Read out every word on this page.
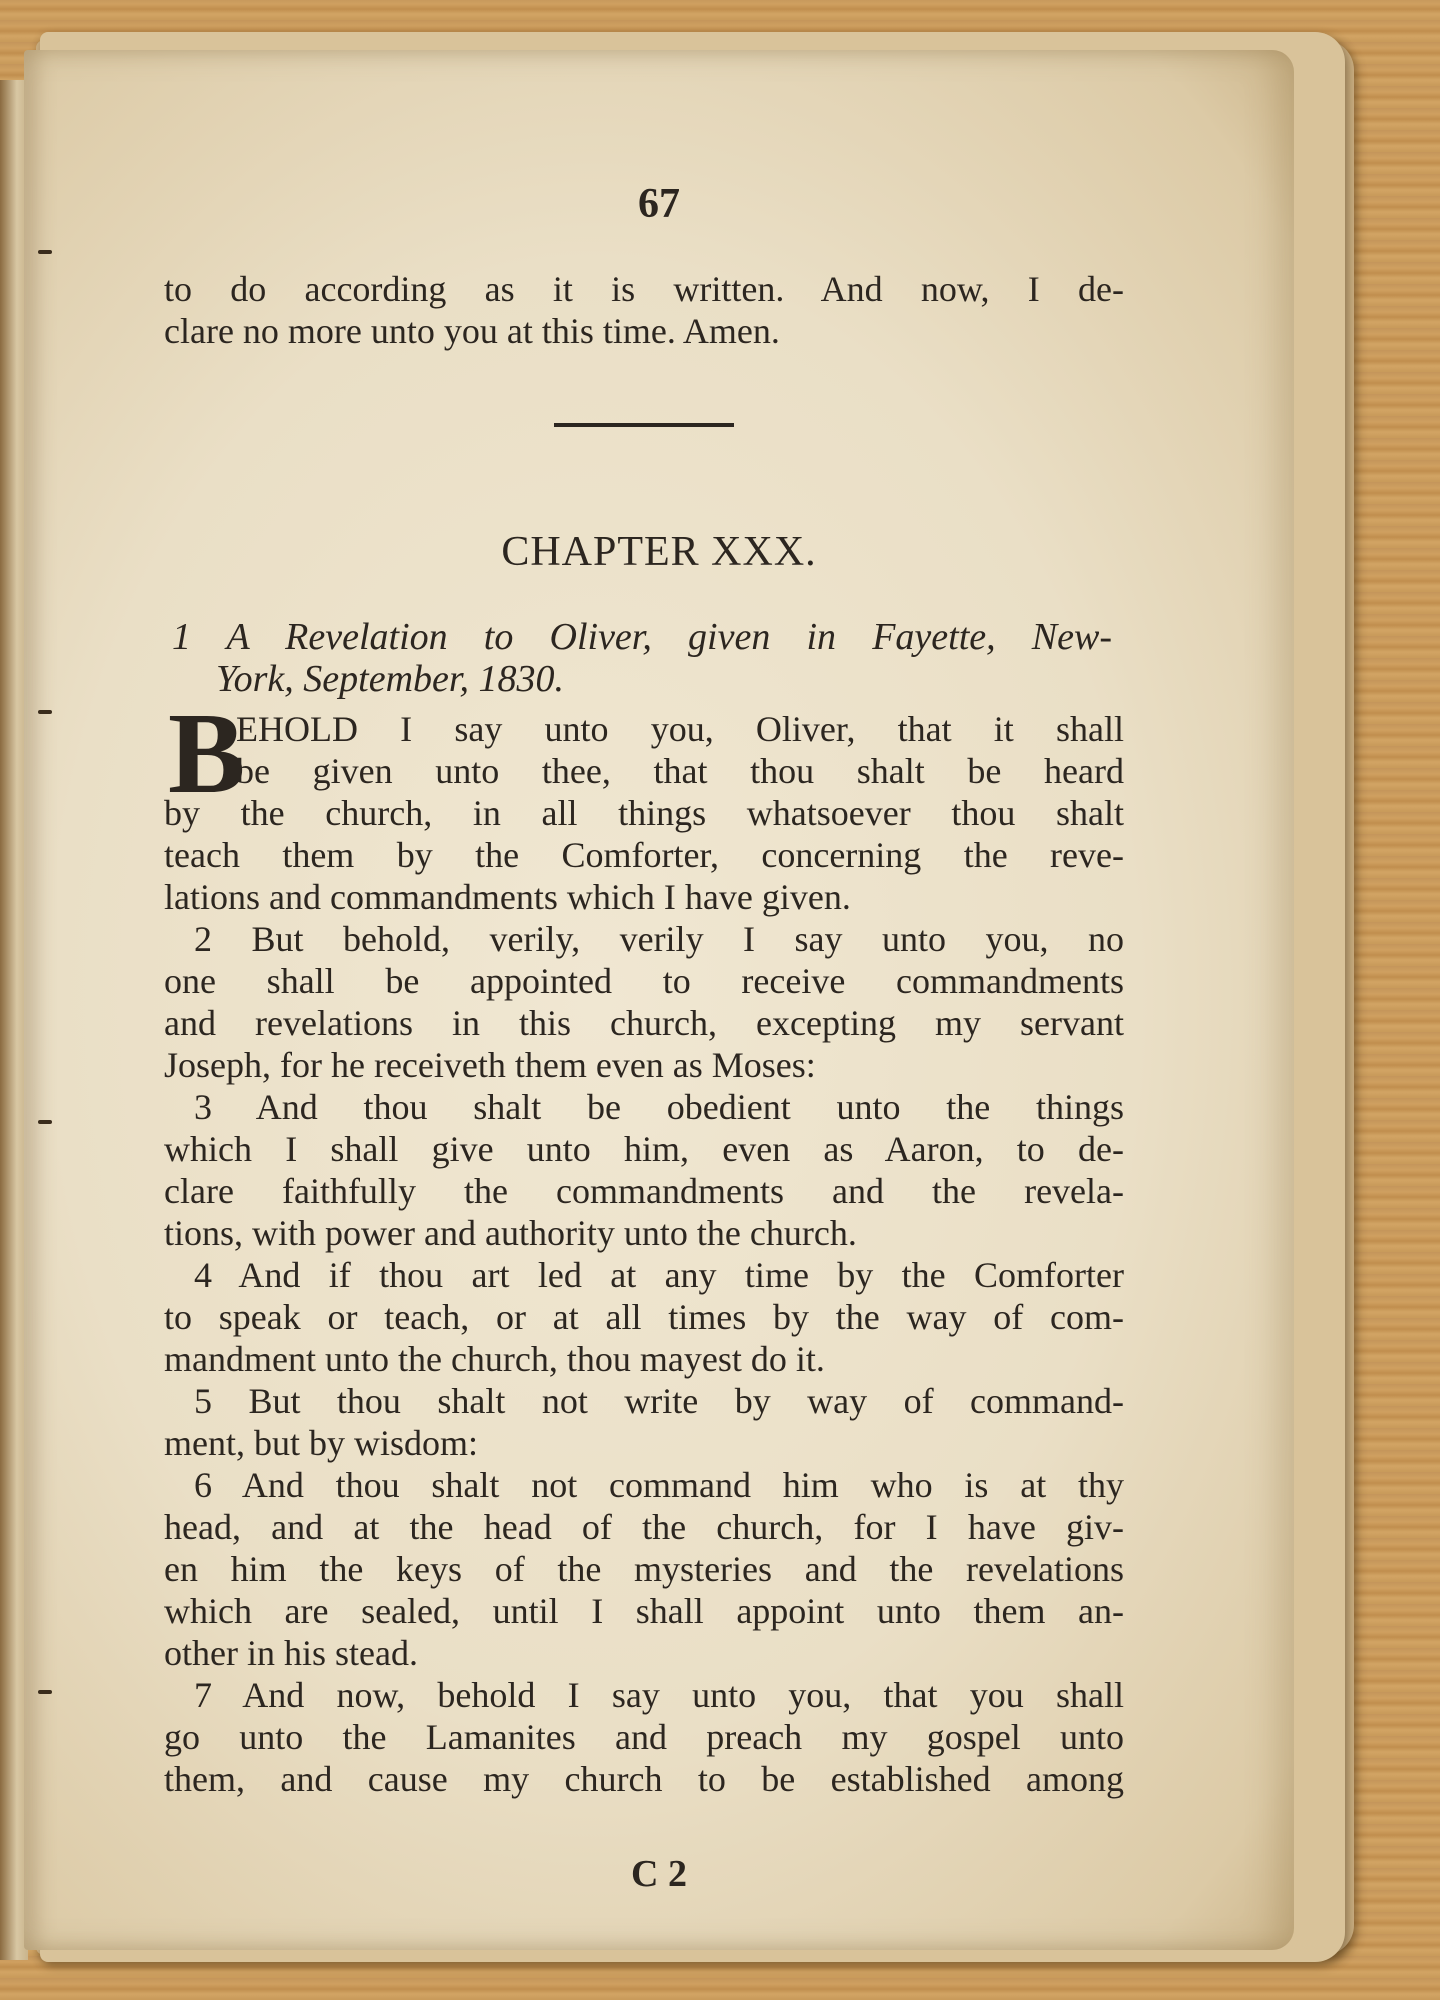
67
to do according as it is written. And now, I de-
clare no more unto you at this time. Amen.
CHAPTER XXX.
1 A Revelation to Oliver, given in Fayette, New-
York, September, 1830.
B
EHOLD I say unto you, Oliver, that it shall
be given unto thee, that thou shalt be heard
by the church, in all things whatsoever thou shalt
teach them by the Comforter, concerning the reve-
lations and commandments which I have given.
2 But behold, verily, verily I say unto you, no
one shall be appointed to receive commandments
and revelations in this church, excepting my servant
Joseph, for he receiveth them even as Moses:
3 And thou shalt be obedient unto the things
which I shall give unto him, even as Aaron, to de-
clare faithfully the commandments and the revela-
tions, with power and authority unto the church.
4 And if thou art led at any time by the Comforter
to speak or teach, or at all times by the way of com-
mandment unto the church, thou mayest do it.
5 But thou shalt not write by way of command-
ment, but by wisdom:
6 And thou shalt not command him who is at thy
head, and at the head of the church, for I have giv-
en him the keys of the mysteries and the revelations
which are sealed, until I shall appoint unto them an-
other in his stead.
7 And now, behold I say unto you, that you shall
go unto the Lamanites and preach my gospel unto
them, and cause my church to be established among
C 2
